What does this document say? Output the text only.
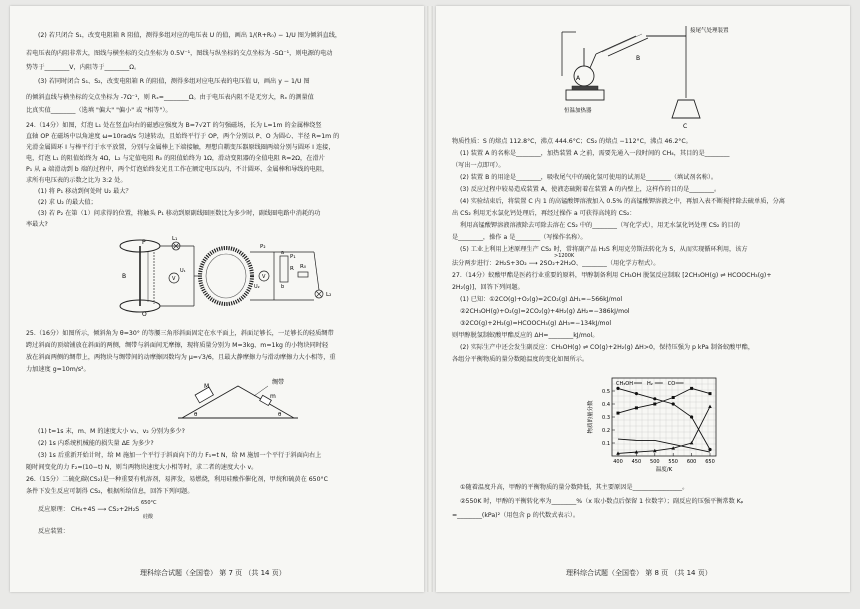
(2) 若只闭合 S₁，改变电阻箱 R 阻值，测得多组对应的电压表 U 的值，画出 1/(R+R₀) − 1/U 图为倾斜直线，
若电压表的内阻非常大，图线与横坐标的交点坐标为 0.5V⁻¹，图线与纵坐标的交点坐标为 -5Ω⁻¹，则电源的电动
势等于________V，内阻等于________Ω。
(3) 若同时闭合 S₁、S₂，改变电阻箱 R 的阻值，测得多组对应电压表的电压值 U，画出 y − 1/U 图
的倾斜直线与横坐标的交点坐标为 -7Ω⁻¹，则 Rₓ=________Ω。由于电压表内阻不是无穷大，Rₓ 的测量值
比真实值________（选填 "偏大" "偏小" 或 "相等"）。
24.（14分）如图，灯泡 L₁ 处在竖直向右的磁感应强度为 B=7√2T 的匀强磁场，长为 L=1m 的金属棒绕竖
直轴 OP 在磁场中以角速度 ω=10rad/s 匀速转动，且始终平行于 OP，两个分别以 P、O 为圆心、半径 R=1m 的
光滑金属圆环 I 与棒平行于水平放置，分别与金属棒上下端接触，理想自耦变压器原线圈两端分别与圆环 I 连接，
电，灯泡 L₁ 的阻值始终为 4Ω，L₂ 与定值电阻 R₀ 的阻值始终为 1Ω，滑动变阻器的全值电阻 R=2Ω，在滑片
P₁ 从 a 端滑动到 b 端的过程中，两个灯泡始终发光且工作在额定电压以内，不计圆环、金属棒和导线的电阻，
求所有电压表的示数之比为 3:2 处。
(1) 将 P₁ 移动到何处时 U₂ 最大？
(2) 求 U₂ 的最大值；
(3) 若 P₂ 在第（1）问求得的位置，将触头 P₁ 移动到原副线圈匝数比为多少时，副线圈电路中消耗的功
率最大?
P
O
B
L₁
V
U₁
P₂
V
U₂
P₁
R
a
b
R₀
L₂
25.（16分）如图所示，倾斜角为 θ=30° 的等腰三角形斜面固定在水平面上，斜面足够长，一足够长的轻质绸带
跨过斜面的顶端铺放在斜面的两侧，绸带与斜面间无摩擦，现将质量分别为 M=3kg、m=1kg 的小物块同时轻
放在斜面两侧的绸带上，两物块与绸带间的动摩擦因数均为 μ=√3/6，且最大静摩擦力与滑动摩擦力大小相等，重
力加速度 g=10m/s²。
M
m
绸带
θ	θ
(1) t=1s 末，m、M 的速度大小 v₁、v₂ 分别为多少?
(2) 1s 内系统机械能的损失量 ΔE 为多少?
(3) 1s 后重新开始计时，给 M 施加一个平行于斜面向下的力 F₁=t N，给 M 施加一个平行于斜面向右上
随时间变化的力 F₂=(10−t) N，则当两物块速度大小相等时，求二者的速度大小 v。
26.（15分）二硫化碳(CS₂)是一种重要有机溶剂，易挥发，易燃烧，利用硅酸作催化剂，甲烷和硫黄在 650°C
条件下发生反应可制得 CS₂，根据所给信息，回答下列问题。
反应原理： CH₄+4S ⟶ CS₂+2H₂S
650°C
硅酸
反应装置：
理科综合试题（全国卷） 第 7 页 （共 14 页）
恒温加热器
A
B
接尾气处理装置
C
物质性质：S 的熔点 112.8°C，沸点 444.6°C；CS₂ 的熔点 −112°C，沸点 46.2°C。
(1) 装置 A 的名称是________，加热装置 A 之前，需要先通入一段时间的 CH₄，其目的是________
（写出一点即可）。
(2) 装置 B 的用途是________，吸收尾气中的硫化氢可使用的试剂是________（填试剂名称）。
(3) 反应过程中较易造成装置 A，使液态硫附着在装置 A 的内壁上，这样作的目的是________。
(4) 实验结束后，将装置 C 内 1 的高锰酸钾溶液加入 0.5% 的高锰酸钾溶液之中，再加入表不断搅拌除去硫单质，分离
出 CS₂ 利用无水氯化钙处理后，再经过操作 a 可获得高纯的 CS₂：
利用高锰酸钾溶液溶液除去可除去溶在 CS₂ 中的________（写化学式），用无水氯化钙处理 CS₂ 的目的
是________，操作 a 是________（写操作名称）。
(5) 工业上利用上述原理生产 CS₂ 时，常将副产品 H₂S 利用克劳斯法转化为 S，从而实现循环利用，该方
法分两步进行：2H₂S+3O₂ ⟶ 2SO₂+2H₂O、________（用化学方程式）。
>1200K
27.（14分）蚁酸甲酯是医药行业重要的原料，甲醇制备利用 CH₃OH 脱氢反应制取 [2CH₃OH(g) ⇌ HCOOCH₃(g)+
2H₂(g)]，回答下列问题。
(1) 已知：①2CO(g)+O₂(g)=2CO₂(g) ΔH₁=−566kJ/mol
②2CH₃OH(g)+O₂(g)=2CO₂(g)+4H₂(g) ΔH₂=−386kJ/mol
③2CO(g)+2H₂(g)=HCOOCH₃(g) ΔH₃=−134kJ/mol
则甲醇脱氢制蚁酸甲酯反应的 ΔH=________kJ/mol。
(2) 实际生产中还会发生副反应：CH₃OH(g) ⇌ CO(g)+2H₂(g) ΔH>0，保持压强为 p kPa 制备蚁酸甲酯，
各组分平衡物质的量分数随温度的变化如图所示。
0.1
0.2
0.3
0.4
0.5
400 450 500 550 600 650
温度/K
物质的量分数
CH₃OH	H₂	CO
①随着温度升高，甲醇的平衡物质的量分数降低，其主要原因是________________。
②550K 时，甲醇的平衡转化率为________%（x 取小数点后保留 1 位数字）；副反应的压强平衡常数 Kₚ
=________(kPa)²（用包含 p 的代数式表示）。
理科综合试题（全国卷） 第 8 页 （共 14 页）
